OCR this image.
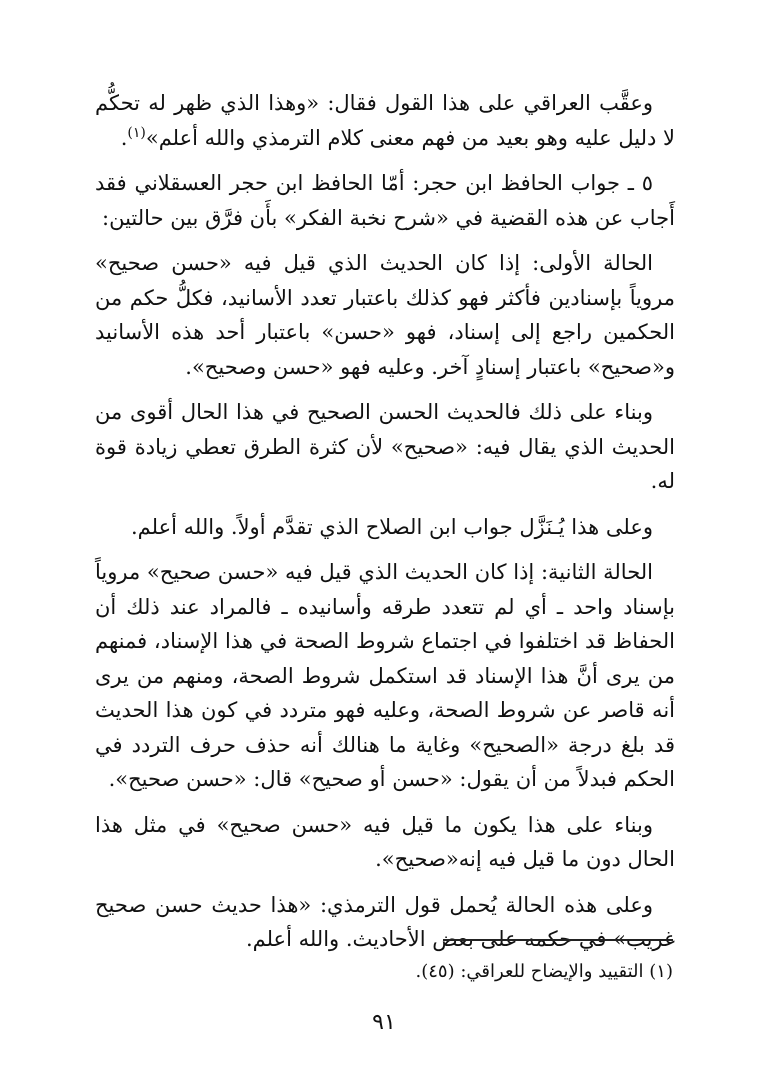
وعقَّب العراقي على هذا القول فقال: «وهذا الذي ظهر له تحكُّم لا دليل عليه وهو بعيد من فهم معنى كلام الترمذي والله أعلم»$^{(١)}$.

٥ ـ جواب الحافظ ابن حجر: أمّا الحافظ ابن حجر العسقلاني فقد أَجاب عن هذه القضية في «شرح نخبة الفكر» بأَن فرَّق بين حالتين:

الحالة الأولى: إذا كان الحديث الذي قيل فيه «حسن صحيح» مروياً بإسنادين فأكثر فهو كذلك باعتبار تعدد الأسانيد، فكلُّ حكم من الحكمين راجع إلى إسناد، فهو «حسن» باعتبار أحد هذه الأسانيد و«صحيح» باعتبار إسنادٍ آخر. وعليه فهو «حسن وصحيح».

وبناء على ذلك فالحديث الحسن الصحيح في هذا الحال أقوى من الحديث الذي يقال فيه: «صحيح» لأن كثرة الطرق تعطي زيادة قوة له.

وعلى هذا يُـنَزَّل جواب ابن الصلاح الذي تقدَّم أولاً. والله أعلم.

الحالة الثانية: إذا كان الحديث الذي قيل فيه «حسن صحيح» مروياً بإسناد واحد ـ أي لم تتعدد طرقه وأسانيده ـ فالمراد عند ذلك أن الحفاظ قد اختلفوا في اجتماع شروط الصحة في هذا الإسناد، فمنهم من يرى أنَّ هذا الإسناد قد استكمل شروط الصحة، ومنهم من يرى أنه قاصر عن شروط الصحة، وعليه فهو متردد في كون هذا الحديث قد بلغ درجة «الصحيح» وغاية ما هنالك أنه حذف حرف التردد في الحكم فبدلاً من أن يقول: «حسن أو صحيح» قال: «حسن صحيح».

وبناء على هذا يكون ما قيل فيه «حسن صحيح» في مثل هذا الحال دون ما قيل فيه إنه«صحيح».

وعلى هذه الحالة يُحمل قول الترمذي: «هذا حديث حسن صحيح غريب» في حكمه على بعض الأحاديث. والله أعلم.

(١) التقييد والإيضاح للعراقي: (٤٥).
٩١
